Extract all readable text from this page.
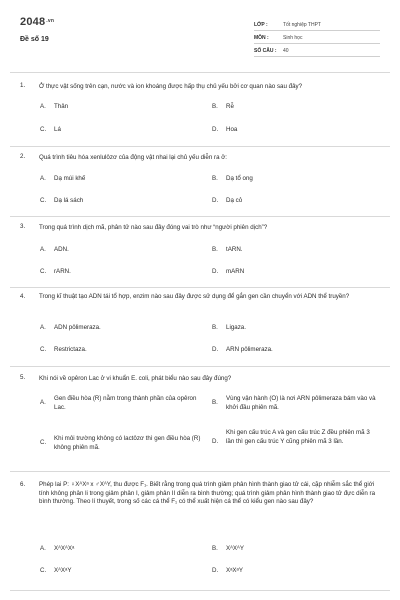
$2048^{.vn}$
Đề số 19
LỚP :	Tốt nghiệp THPT
MÔN :	Sinh học
SỐ CÂU :	40
1. Ở thực vật sống trên cạn, nước và ion khoáng được hấp thụ chủ yếu bởi cơ quan nào sau đây?
A.	Thân	B.	Rễ
C.	Lá	D.	Hoa
2. Quá trình tiêu hóa xenlulôzơ của động vật nhai lại chủ yếu diễn ra ở:
A.	Dạ múi khế	B.	Dạ tổ ong
C.	Dạ lá sách	D.	Dạ cỏ
3. Trong quá trình dịch mã, phân tử nào sau đây đóng vai trò như “người phiên dịch”?
A.	ADN.	B.	tARN.
C.	rARN.	D.	mARN
4. Trong kĩ thuật tạo ADN tái tổ hợp, enzim nào sau đây được sử dụng để gắn gen cần chuyển với ADN thể truyền?
A.	ADN pôlimeraza.	B.	Ligaza.
C.	Restrictaza.	D.	ARN pôlimeraza.
5. Khi nói về opêron Lac ở vi khuẩn E. coli, phát biểu nào sau đây đúng?
A.
Gen điều hòa (R) nằm trong thành phần của opêron Lac.
B.
Vùng vận hành (O) là nơi ARN pôlimeraza bám vào và khởi đầu phiên mã.
C.
Khi môi trường không có lactôzơ thì gen điều hòa (R) không phiên mã.
D.
Khi gen cấu trúc A và gen cấu trúc Z đều phiên mã 3 lần thì gen cấu trúc Y cũng phiên mã 3 lần.
6. Phép lai P: ♀XᴬXᵃ x ♂XᴬY, thu được F₁. Biết rằng trong quá trình giảm phân hình thành giao tử cái, cặp nhiễm sắc thể giới tính không phân li trong giảm phân I, giảm phân II diễn ra bình thường; quá trình giảm phân hình thành giao tử đực diễn ra bình thường. Theo lí thuyết, trong số các cá thể F₁ có thể xuất hiện cá thể có kiểu gen nào sau đây?
A.	XᴬXᴬXᵃ	B.	XᴬXᴬY
C.	XᴬXᵃY	D.	XᵃXᵃY
